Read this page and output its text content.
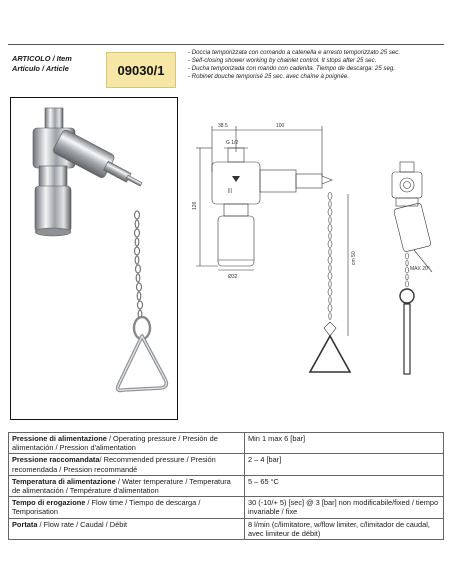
ARTICOLO / Item
Artículo / Article	09030/1
- Doccia temporizzata con comando a catenella e arresto temporizzato 25 sec.
- Self-closing shower working by chainlet control. It stops after 25 sec.
- Ducha temporizada con mando con cadenita. Tiempo de descarga: 25 seg.
- Robinet douche temporisé 25 sec. avec chaîne à poignée.
38.5	100
G 1/2
|||
Ø32
126
cm 50
MAX 20°
Pressione di alimentazione / Operating pressure / Presión de alimentación / Pression d'alimentation	Min 1 max 6 [bar]
Pressione raccomandata/ Recommended pressure / Presión recomendada / Pression recommandé	2 – 4 [bar]
Temperatura di alimentazione / Water temperature / Temperatura de alimentación / Température d'alimentation	5 – 65 °C
Tempo di erogazione / Flow time / Tiempo de descarga / Temporisation	30 (-10/+ 5) [sec] @ 3 [bar] non modificabile/fixed / tiempo invariable / fixe
Portata / Flow rate / Caudal / Débit	8 l/min (c/limitatore, w/flow limiter, c/limitador de caudal, avec limiteur de débit)
